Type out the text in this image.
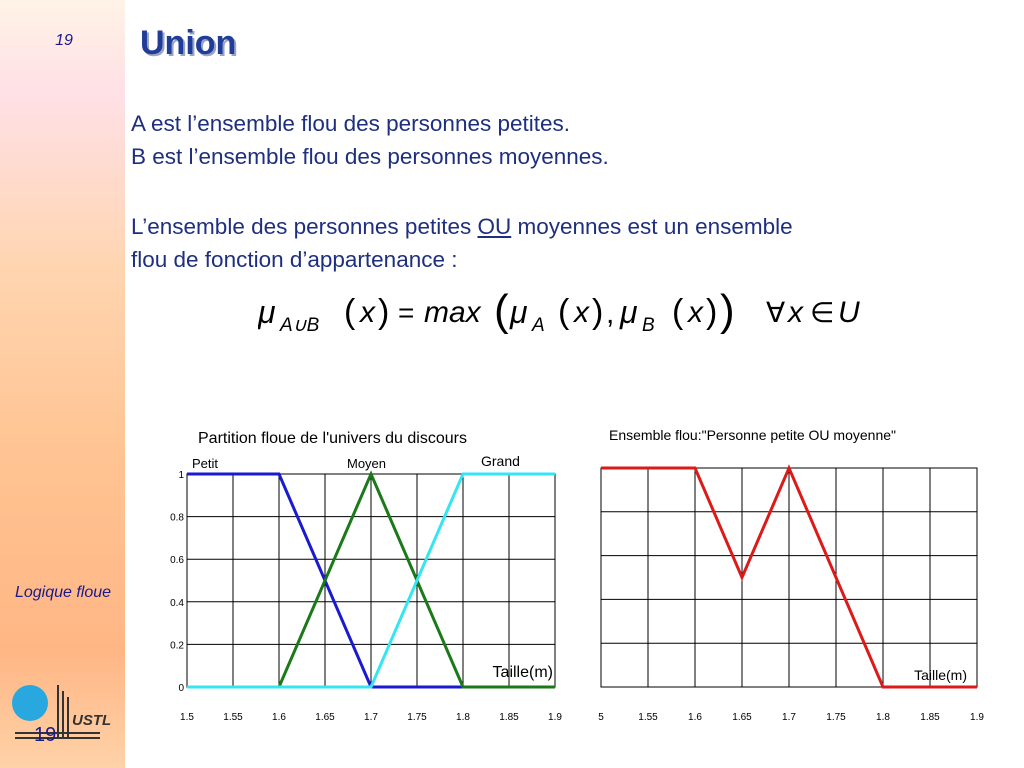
19
Logique floue
USTL
19
Union
A est l’ensemble flou des personnes petites.
B est l’ensemble flou des personnes moyennes.
L’ensemble des personnes petites OU moyennes est un ensemble
flou de fonction d’appartenance :
μ A∪B ( x ) = max ( μ A ( x ) , μ B ( x ) ) ∀ x ∈ U
Partition floue de l'univers du discours
1.5	1.55	1.6	1.65	1.7	1.75	1.8	1.85	1.9
0
0.2
0.4
0.6
0.8
1
Petit	Moyen	Grand
Taille(m)
Ensemble flou:"Personne petite OU moyenne"
5	1.55	1.6	1.65	1.7	1.75	1.8	1.85	1.9
Taille(m)
